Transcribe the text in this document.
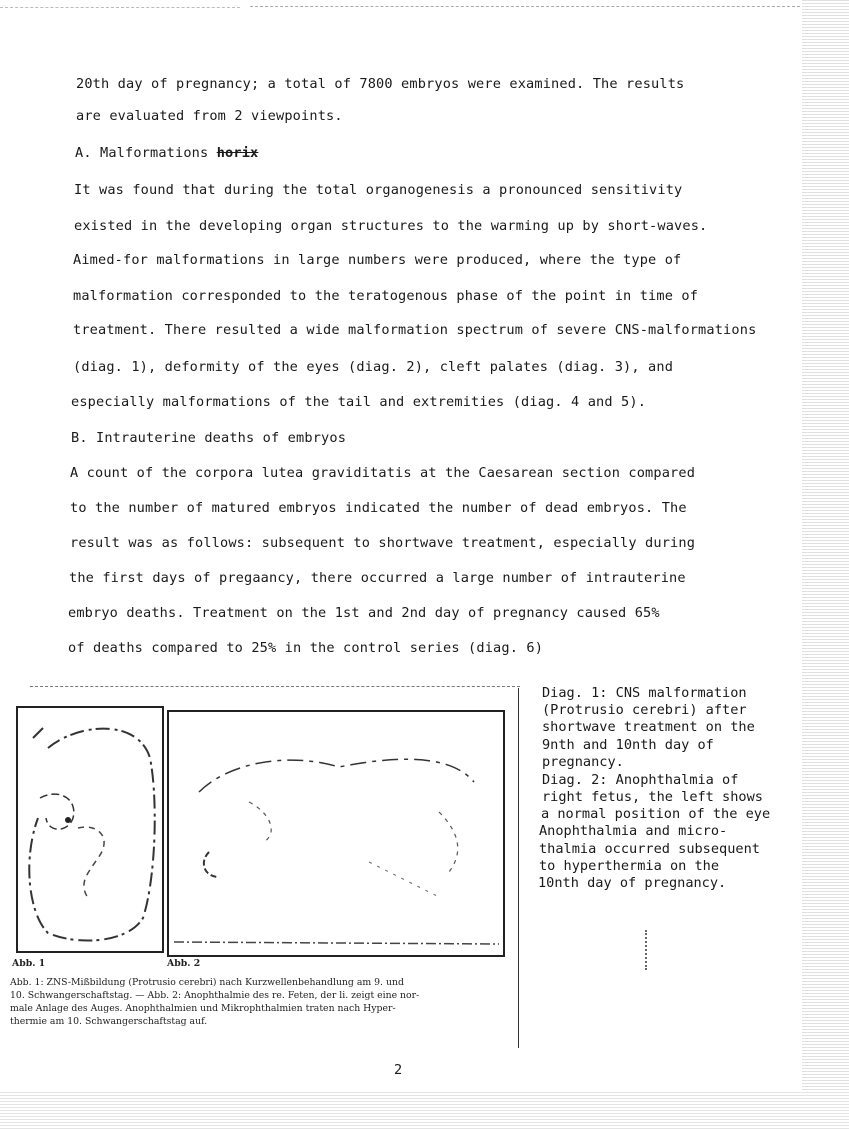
20th day of pregnancy; a total of 7800 embryos were examined. The results
are evaluated from 2 viewpoints.
A. Malformations horix
It was found that during the total organogenesis a pronounced sensitivity
existed in the developing organ structures to the warming up by short-waves.
Aimed-for malformations in large numbers were produced, where the type of
malformation corresponded to the teratogenous phase of the point in time of
treatment. There resulted a wide malformation spectrum of severe CNS-malformations
(diag. 1), deformity of the eyes (diag. 2), cleft palates (diag. 3), and
especially malformations of the tail and extremities (diag. 4 and 5).
B. Intrauterine deaths of embryos
A count of the corpora lutea graviditatis at the Caesarean section compared
to the number of matured embryos indicated the number of dead embryos. The
result was as follows: subsequent to shortwave treatment, especially during
the first days of pregaancy, there occurred a large number of intrauterine
embryo deaths. Treatment on the 1st and 2nd day of pregnancy caused 65%
of deaths compared to 25% in the control series (diag. 6)
Abb. 1	Abb. 2
Abb. 1: ZNS-Mißbildung (Protrusio cerebri) nach Kurzwellenbehandlung am 9. und
10. Schwangerschaftstag. — Abb. 2: Anophthalmie des re. Feten, der li. zeigt eine nor-
male Anlage des Auges. Anophthalmien und Mikrophthalmien traten nach Hyper-
thermie am 10. Schwangerschaftstag auf.
Diag. 1: CNS malformation
(Protrusio cerebri) after
shortwave treatment on the
9nth and 10nth day of
pregnancy.
Diag. 2: Anophthalmia of
right fetus, the left shows
a normal position of the eye
Anophthalmia and micro-
thalmia occurred subsequent
to hyperthermia on the
10nth day of pregnancy.
2
